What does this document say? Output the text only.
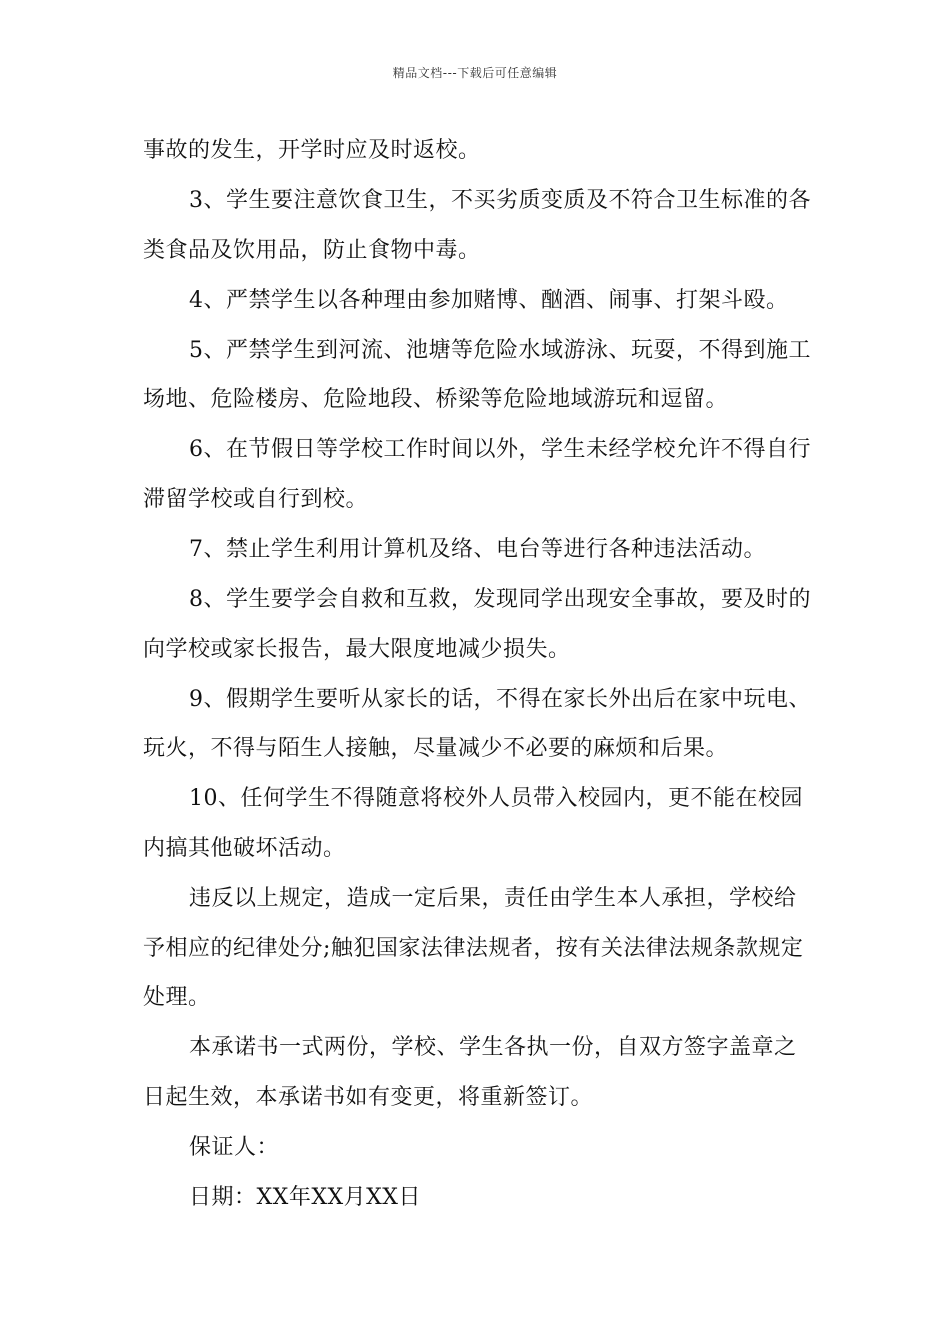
精品文档---下载后可任意编辑
事故的发生，开学时应及时返校。
3、学生要注意饮食卫生，不买劣质变质及不符合卫生标准的各
类食品及饮用品，防止食物中毒。
4、严禁学生以各种理由参加赌博、酗酒、闹事、打架斗殴。
5、严禁学生到河流、池塘等危险水域游泳、玩耍，不得到施工
场地、危险楼房、危险地段、桥梁等危险地域游玩和逗留。
6、在节假日等学校工作时间以外，学生未经学校允许不得自行
滞留学校或自行到校。
7、禁止学生利用计算机及络、电台等进行各种违法活动。
8、学生要学会自救和互救，发现同学出现安全事故，要及时的
向学校或家长报告，最大限度地减少损失。
9、假期学生要听从家长的话，不得在家长外出后在家中玩电、
玩火，不得与陌生人接触，尽量减少不必要的麻烦和后果。
10、任何学生不得随意将校外人员带入校园内，更不能在校园
内搞其他破坏活动。
违反以上规定，造成一定后果，责任由学生本人承担，学校给
予相应的纪律处分;触犯国家法律法规者，按有关法律法规条款规定
处理。
本承诺书一式两份，学校、学生各执一份，自双方签字盖章之
日起生效，本承诺书如有变更，将重新签订。
保证人：
日期：XX年XX月XX日
